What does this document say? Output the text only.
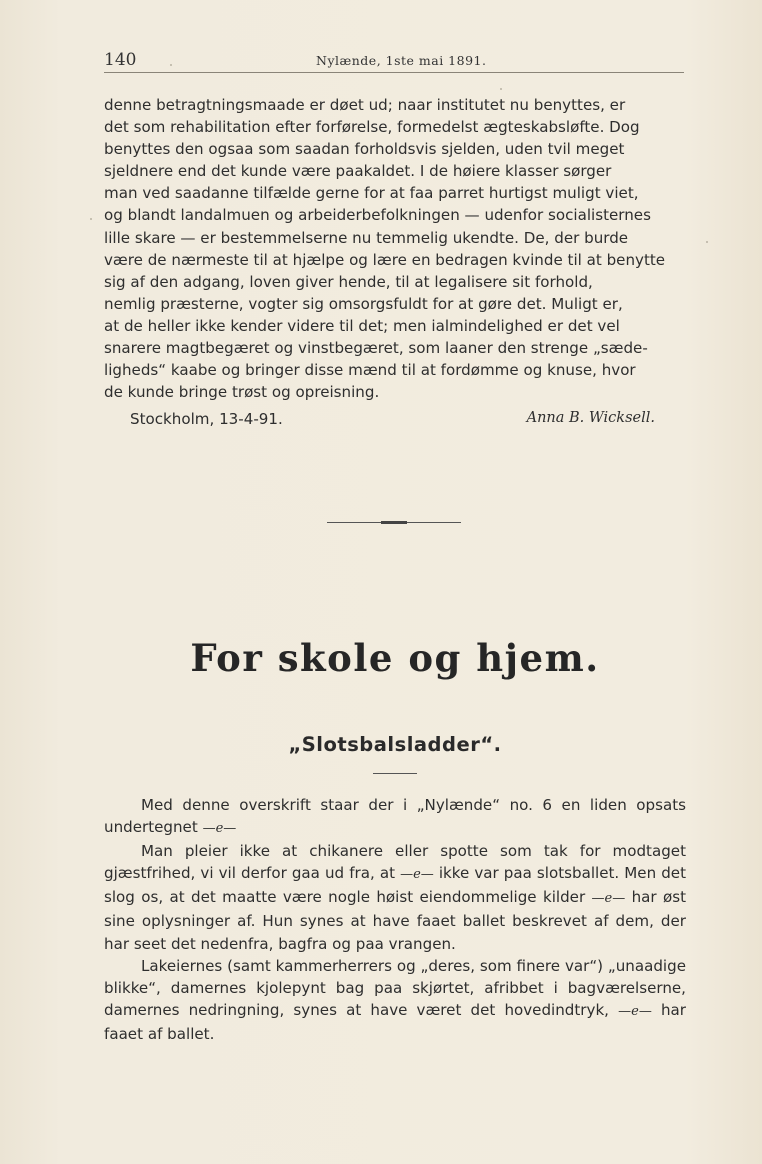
140	Nylænde, 1ste mai 1891.

denne betragtningsmaade er døet ud; naar institutet nu benyttes, er

det som rehabilitation efter forførelse, formedelst ægteskabsløfte. Dog

benyttes den ogsaa som saadan forholdsvis sjelden, uden tvil meget

sjeldnere end det kunde være paakaldet. I de høiere klasser sørger

man ved saadanne tilfælde gerne for at faa parret hurtigst muligt viet,

og blandt landalmuen og arbeiderbefolkningen — udenfor socialisternes

lille skare — er bestemmelserne nu temmelig ukendte. De, der burde

være de nærmeste til at hjælpe og lære en bedragen kvinde til at benytte

sig af den adgang, loven giver hende, til at legalisere sit forhold,

nemlig præsterne, vogter sig omsorgsfuldt for at gøre det. Muligt er,

at de heller ikke kender videre til det; men ialmindelighed er det vel

snarere magtbegæret og vinstbegæret, som laaner den strenge „sæde-

ligheds“ kaabe og bringer disse mænd til at fordømme og knuse, hvor

de kunde bringe trøst og opreisning.

Stockholm, 13-4-91.	Anna B. Wicksell.
For skole og hjem.
„Slotsbalsladder“.

Med denne overskrift staar der i „Nylænde“ no. 6 en liden opsats undertegnet —e—

Man pleier ikke at chikanere eller spotte som tak for modtaget gjæstfrihed, vi vil derfor gaa ud fra, at —e— ikke var paa slotsballet. Men det slog os, at det maatte være nogle høist eiendommelige kilder —e— har øst sine oplysninger af. Hun synes at have faaet ballet beskrevet af dem, der har seet det nedenfra, bagfra og paa vrangen.

Lakeiernes (samt kammerherrers og „deres, som finere var“) „unaadige blikke“, damernes kjolepynt bag paa skjørtet, afribbet i bagværelserne, damernes nedringning, synes at have været det hovedindtryk, —e— har faaet af ballet.
